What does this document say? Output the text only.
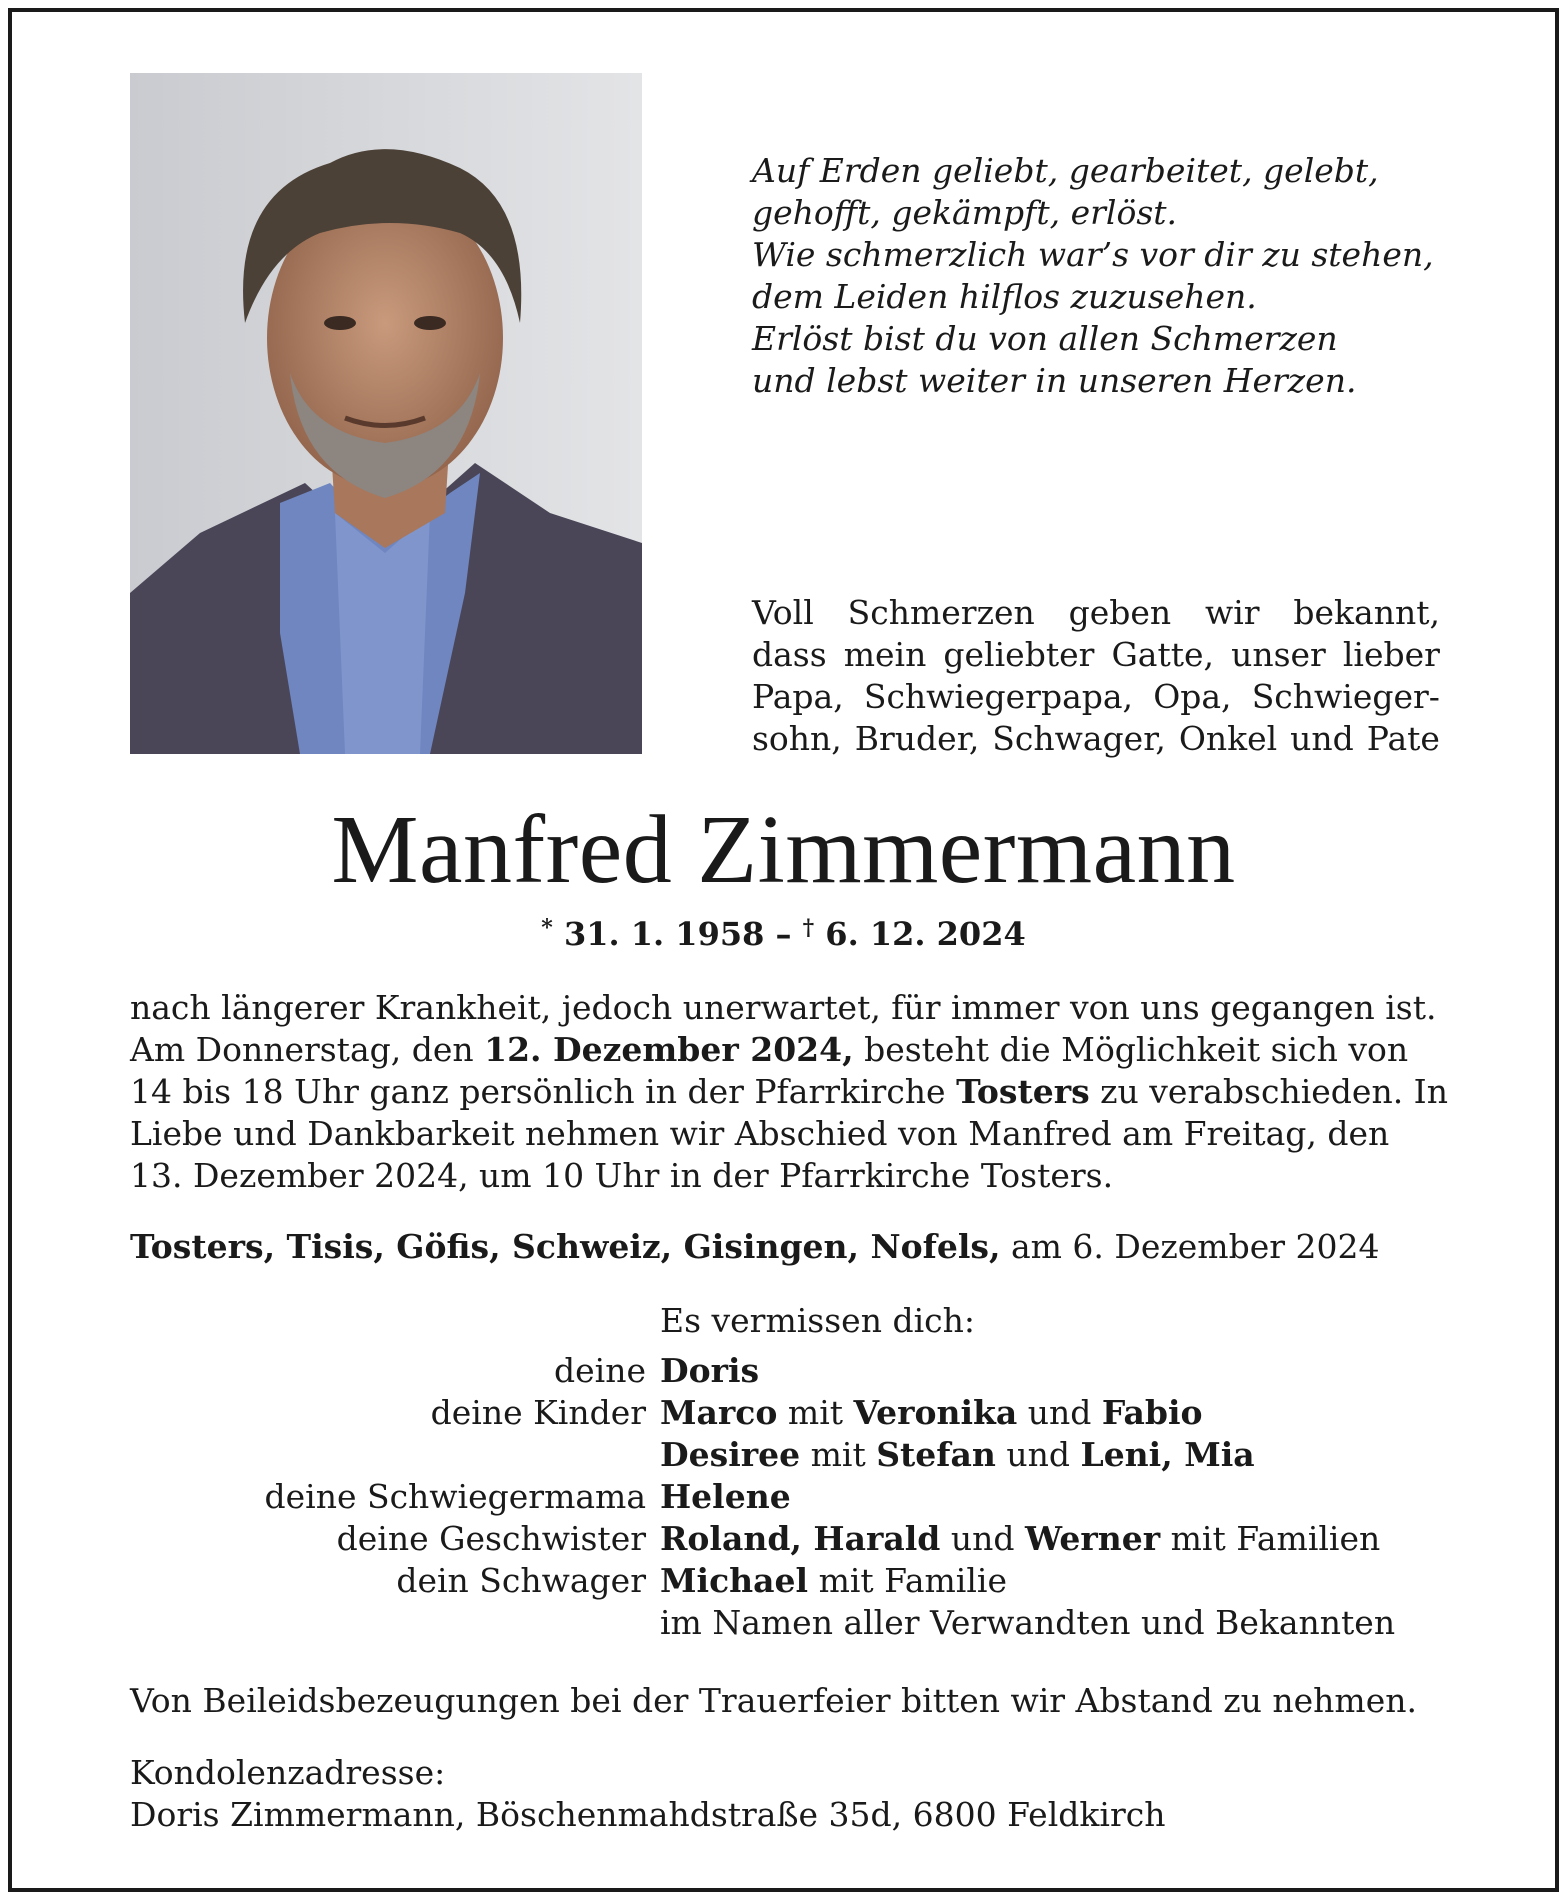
Auf Erden geliebt, gearbeitet, gelebt,
gehofft, gekämpft, erlöst.
Wie schmerzlich war’s vor dir zu stehen,
dem Leiden hilflos zuzusehen.
Erlöst bist du von allen Schmerzen
und lebst weiter in unseren Herzen.
Voll Schmerzen geben wir bekannt,
dass mein geliebter Gatte, unser lieber
Papa, Schwiegerpapa, Opa, Schwieger-
sohn, Bruder, Schwager, Onkel und Pate
Manfred Zimmermann
* 31. 1. 1958 – † 6. 12. 2024
nach längerer Krankheit, jedoch unerwartet, für immer von uns gegangen ist.
Am Donnerstag, den 12. Dezember 2024, besteht die Möglichkeit sich von
14 bis 18 Uhr ganz persönlich in der Pfarrkirche Tosters zu verabschieden. In
Liebe und Dankbarkeit nehmen wir Abschied von Manfred am Freitag, den
13. Dezember 2024, um 10 Uhr in der Pfarrkirche Tosters.
Tosters, Tisis, Göfis, Schweiz, Gisingen, Nofels, am 6. Dezember 2024
Es vermissen dich:
deine Doris
deine Kinder Marco mit Veronika und Fabio
Desiree mit Stefan und Leni, Mia
deine Schwiegermama Helene
deine Geschwister Roland, Harald und Werner mit Familien
dein Schwager Michael mit Familie
im Namen aller Verwandten und Bekannten
Von Beileidsbezeugungen bei der Trauerfeier bitten wir Abstand zu nehmen.
Kondolenzadresse:
Doris Zimmermann, Böschenmahdstraße 35d, 6800 Feldkirch
